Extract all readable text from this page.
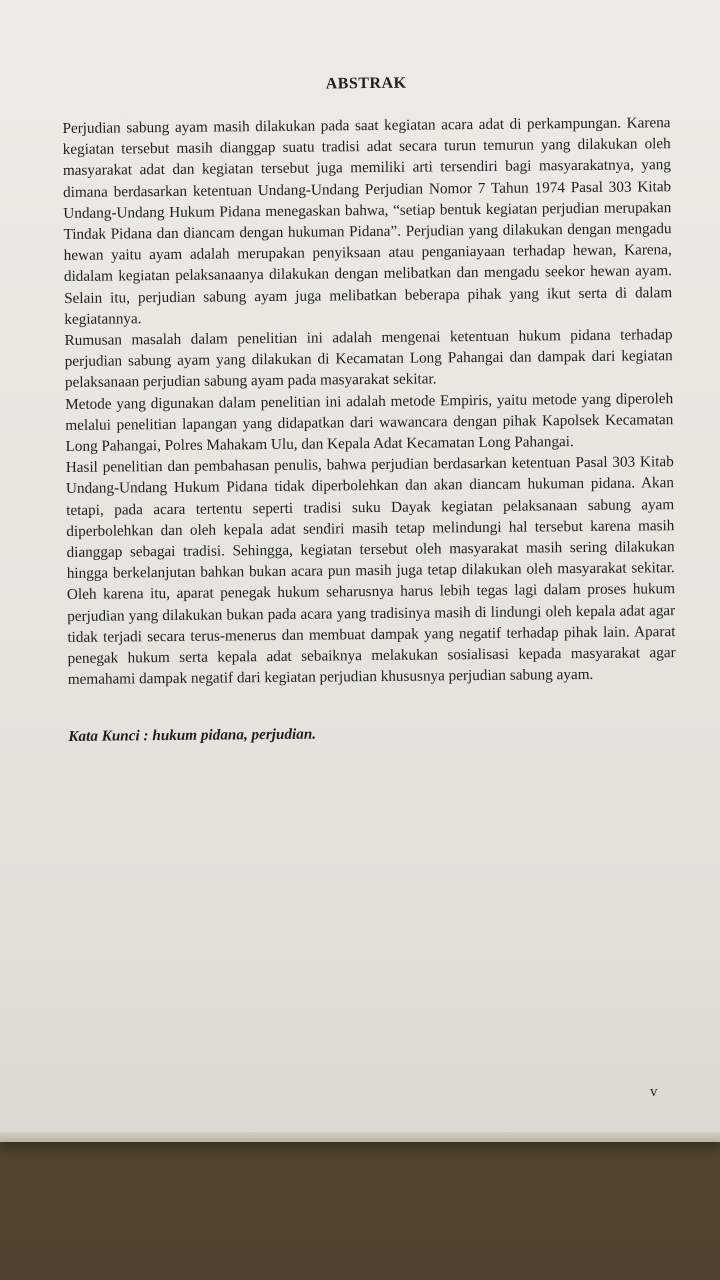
ABSTRAK

Perjudian sabung ayam masih dilakukan pada saat kegiatan acara adat di perkampungan. Karena kegiatan tersebut masih dianggap suatu tradisi adat secara turun temurun yang dilakukan oleh masyarakat adat dan kegiatan tersebut juga memiliki arti tersendiri bagi masyarakatnya, yang dimana berdasarkan ketentuan Undang-Undang Perjudian Nomor 7 Tahun 1974 Pasal 303 Kitab Undang-Undang Hukum Pidana menegaskan bahwa, “setiap bentuk kegiatan perjudian merupakan Tindak Pidana dan diancam dengan hukuman Pidana”. Perjudian yang dilakukan dengan mengadu hewan yaitu ayam adalah merupakan penyiksaan atau penganiayaan terhadap hewan, Karena, didalam kegiatan pelaksanaanya dilakukan dengan melibatkan dan mengadu seekor hewan ayam. Selain itu, perjudian sabung ayam juga melibatkan beberapa pihak yang ikut serta di dalam kegiatannya.

Rumusan masalah dalam penelitian ini adalah mengenai ketentuan hukum pidana terhadap perjudian sabung ayam yang dilakukan di Kecamatan Long Pahangai dan dampak dari kegiatan pelaksanaan perjudian sabung ayam pada masyarakat sekitar.

Metode yang digunakan dalam penelitian ini adalah metode Empiris, yaitu metode yang diperoleh melalui penelitian lapangan yang didapatkan dari wawancara dengan pihak Kapolsek Kecamatan Long Pahangai, Polres Mahakam Ulu, dan Kepala Adat Kecamatan Long Pahangai.

Hasil penelitian dan pembahasan penulis, bahwa perjudian berdasarkan ketentuan Pasal 303 Kitab Undang-Undang Hukum Pidana tidak diperbolehkan dan akan diancam hukuman pidana. Akan tetapi, pada acara tertentu seperti tradisi suku Dayak kegiatan pelaksanaan sabung ayam diperbolehkan dan oleh kepala adat sendiri masih tetap melindungi hal tersebut karena masih dianggap sebagai tradisi. Sehingga, kegiatan tersebut oleh masyarakat masih sering dilakukan hingga berkelanjutan bahkan bukan acara pun masih juga tetap dilakukan oleh masyarakat sekitar. Oleh karena itu, aparat penegak hukum seharusnya harus lebih tegas lagi dalam proses hukum perjudian yang dilakukan bukan pada acara yang tradisinya masih di lindungi oleh kepala adat agar tidak terjadi secara terus-menerus dan membuat dampak yang negatif terhadap pihak lain. Aparat penegak hukum serta kepala adat sebaiknya melakukan sosialisasi kepada masyarakat agar memahami dampak negatif dari kegiatan perjudian khususnya perjudian sabung ayam.

Kata Kunci : hukum pidana, perjudian.
v
